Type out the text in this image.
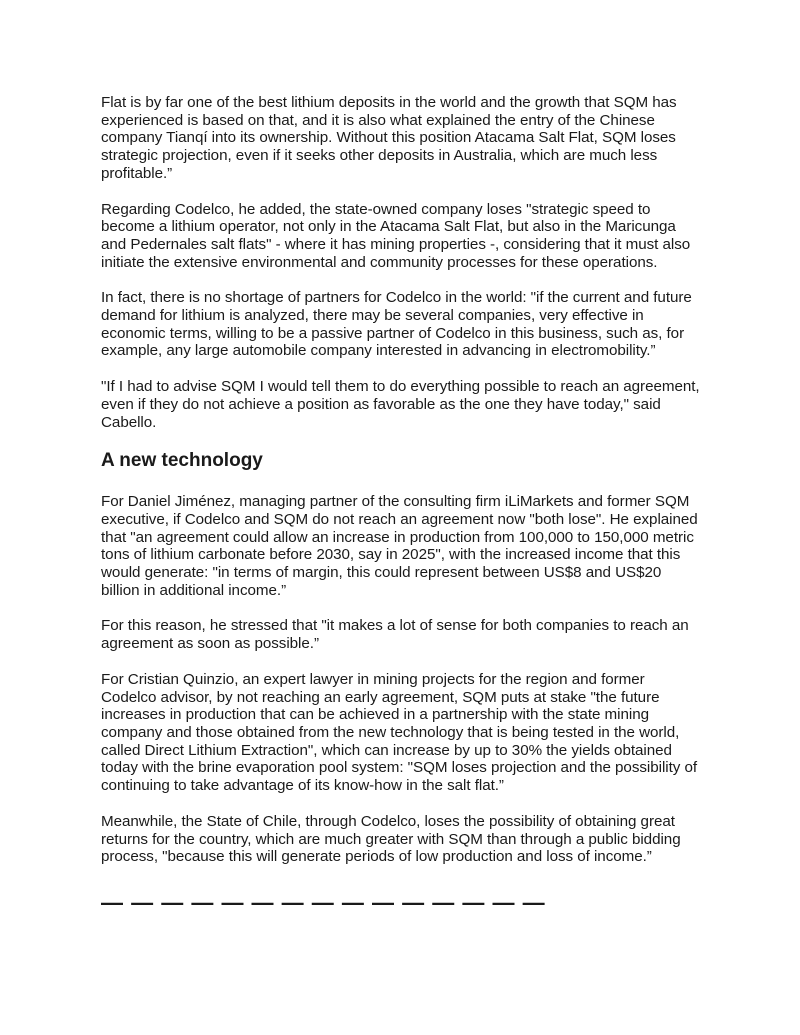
Flat is by far one of the best lithium deposits in the world and the growth that SQM has experienced is based on that, and it is also what explained the entry of the Chinese company Tianqí into its ownership. Without this position Atacama Salt Flat, SQM loses strategic projection, even if it seeks other deposits in Australia, which are much less profitable.”

Regarding Codelco, he added, the state-owned company loses "strategic speed to become a lithium operator, not only in the Atacama Salt Flat, but also in the Maricunga and Pedernales salt flats" - where it has mining properties -, considering that it must also initiate the extensive environmental and community processes for these operations.

In fact, there is no shortage of partners for Codelco in the world: "if the current and future demand for lithium is analyzed, there may be several companies, very effective in economic terms, willing to be a passive partner of Codelco in this business, such as, for example, any large automobile company interested in advancing in electromobility.”

"If I had to advise SQM I would tell them to do everything possible to reach an agreement, even if they do not achieve a position as favorable as the one they have today," said Cabello.

A new technology

For Daniel Jiménez, managing partner of the consulting firm iLiMarkets and former SQM executive, if Codelco and SQM do not reach an agreement now "both lose". He explained that "an agreement could allow an increase in production from 100,000 to 150,000 metric tons of lithium carbonate before 2030, say in 2025", with the increased income that this would generate: "in terms of margin, this could represent between US$8 and US$20 billion in additional income.”

For this reason, he stressed that "it makes a lot of sense for both companies to reach an agreement as soon as possible.”

For Cristian Quinzio, an expert lawyer in mining projects for the region and former Codelco advisor, by not reaching an early agreement, SQM puts at stake "the future increases in production that can be achieved in a partnership with the state mining company and those obtained from the new technology that is being tested in the world, called Direct Lithium Extraction", which can increase by up to 30% the yields obtained today with the brine evaporation pool system: "SQM loses projection and the possibility of continuing to take advantage of its know-how in the salt flat.”

Meanwhile, the State of Chile, through Codelco, loses the possibility of obtaining great returns for the country, which are much greater with SQM than through a public bidding process, "because this will generate periods of low production and loss of income.”

— — — — — — — — — — — — — — —
